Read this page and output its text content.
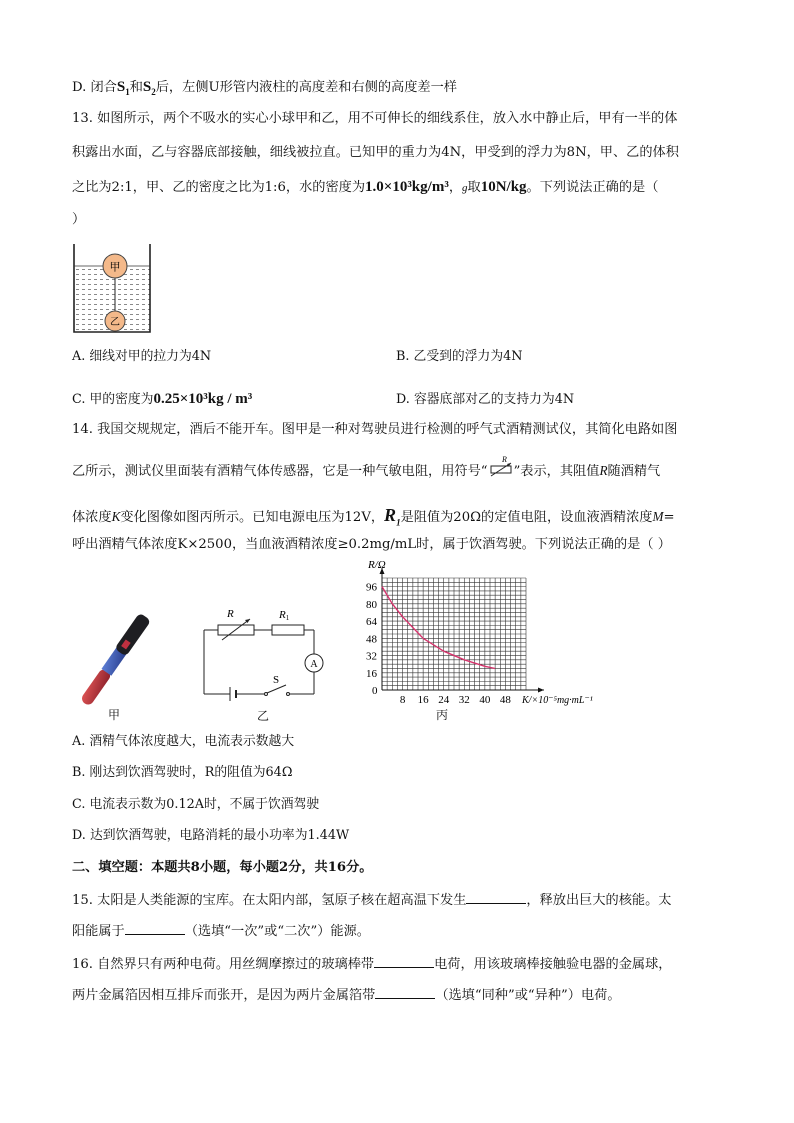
D. 闭合$S_1$和$S_2$后，左侧U形管内液柱的高度差和右侧的高度差一样
13. 如图所示，两个不吸水的实心小球甲和乙，用不可伸长的细线系住，放入水中静止后，甲有一半的体
积露出水面，乙与容器底部接触，细线被拉直。已知甲的重力为4N，甲受到的浮力为8N，甲、乙的体积
之比为2:1，甲、乙的密度之比为1:6，水的密度为1.0×10³kg/m³，g取10N/kg。下列说法正确的是（
）
甲
乙
A. 细线对甲的拉力为4N	B. 乙受到的浮力为4N
C. 甲的密度为0.25×10³kg / m³	D. 容器底部对乙的支持力为4N
14. 我国交规规定，酒后不能开车。图甲是一种对驾驶员进行检测的呼气式酒精测试仪，其简化电路如图
乙所示，测试仪里面装有酒精气体传感器，它是一种气敏电阻，用符号“
R
”表示，其阻值R随酒精气
体浓度K变化图像如图丙所示。已知电源电压为12V，$R_1$是阻值为20Ω的定值电阻，设血液酒精浓度M=
呼出酒精气体浓度K×2500，当血液酒精浓度≥0.2mg/mL时，属于饮酒驾驶。下列说法正确的是（ ）
甲
R	R1
A
S
乙
8 16 24 32 40 48
16
32
48
64
80
96
R/Ω
K/×10⁻⁵mg·mL⁻¹
0
丙
A. 酒精气体浓度越大，电流表示数越大
B. 刚达到饮酒驾驶时，R的阻值为64Ω
C. 电流表示数为0.12A时，不属于饮酒驾驶
D. 达到饮酒驾驶，电路消耗的最小功率为1.44W
二、填空题：本题共8小题，每小题2分，共16分。
15. 太阳是人类能源的宝库。在太阳内部，氢原子核在超高温下发生	，释放出巨大的核能。太
阳能属于	（选填“一次”或“二次”）能源。
16. 自然界只有两种电荷。用丝绸摩擦过的玻璃棒带	电荷，用该玻璃棒接触验电器的金属球，
两片金属箔因相互排斥而张开，是因为两片金属箔带	（选填“同种”或“异种”）电荷。
